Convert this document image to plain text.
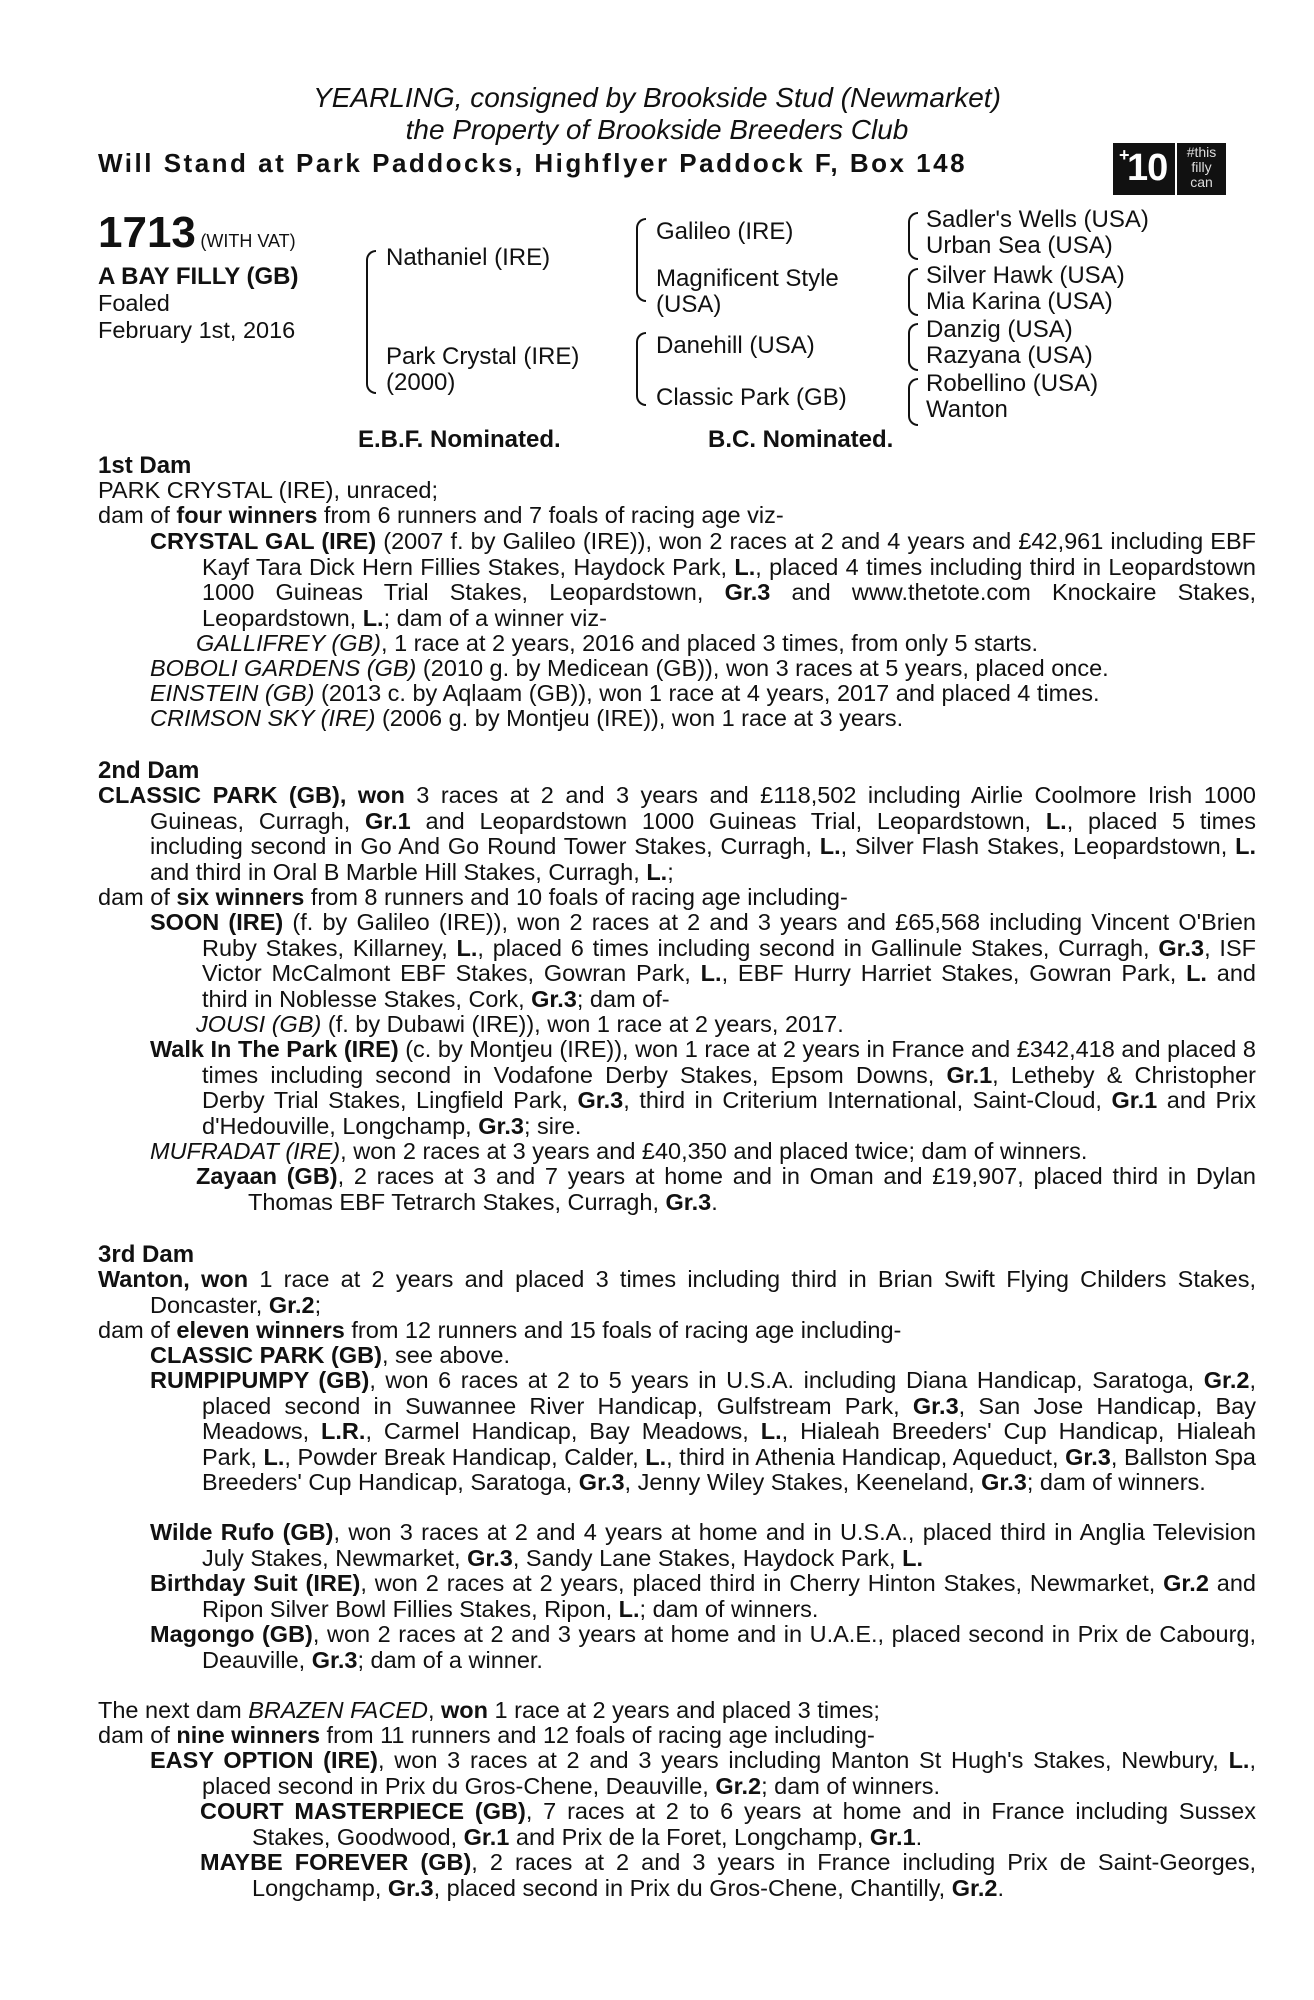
YEARLING, consigned by Brookside Stud (Newmarket)
the Property of Brookside Breeders Club
Will Stand at Park Paddocks, Highflyer Paddock F, Box 148	+
10	#this
filly
can
1713 (WITH VAT)
A BAY FILLY (GB)
Foaled
February 1st, 2016
Nathaniel (IRE)
Park Crystal (IRE)
(2000)
Galileo (IRE)
Magnificent Style
(USA)
Danehill (USA)
Classic Park (GB)
Sadler's Wells (USA)
Urban Sea (USA)
Silver Hawk (USA)
Mia Karina (USA)
Danzig (USA)
Razyana (USA)
Robellino (USA)
Wanton
E.B.F. Nominated.	B.C. Nominated.
1st Dam
PARK CRYSTAL (IRE), unraced;
dam of four winners from 6 runners and 7 foals of racing age viz-
CRYSTAL GAL (IRE) (2007 f. by Galileo (IRE)), won 2 races at 2 and 4 years and £42,961 including EBF Kayf Tara Dick Hern Fillies Stakes, Haydock Park, L., placed 4 times including third in Leopardstown 1000 Guineas Trial Stakes, Leopardstown, Gr.3 and www.thetote.com Knockaire Stakes, Leopardstown, L.; dam of a winner viz-
GALLIFREY (GB), 1 race at 2 years, 2016 and placed 3 times, from only 5 starts.
BOBOLI GARDENS (GB) (2010 g. by Medicean (GB)), won 3 races at 5 years, placed once.
EINSTEIN (GB) (2013 c. by Aqlaam (GB)), won 1 race at 4 years, 2017 and placed 4 times.
CRIMSON SKY (IRE) (2006 g. by Montjeu (IRE)), won 1 race at 3 years.
2nd Dam
CLASSIC PARK (GB), won 3 races at 2 and 3 years and £118,502 including Airlie Coolmore Irish 1000 Guineas, Curragh, Gr.1 and Leopardstown 1000 Guineas Trial, Leopardstown, L., placed 5 times including second in Go And Go Round Tower Stakes, Curragh, L., Silver Flash Stakes, Leopardstown, L. and third in Oral B Marble Hill Stakes, Curragh, L.;
dam of six winners from 8 runners and 10 foals of racing age including-
SOON (IRE) (f. by Galileo (IRE)), won 2 races at 2 and 3 years and £65,568 including Vincent O'Brien Ruby Stakes, Killarney, L., placed 6 times including second in Gallinule Stakes, Curragh, Gr.3, ISF Victor McCalmont EBF Stakes, Gowran Park, L., EBF Hurry Harriet Stakes, Gowran Park, L. and third in Noblesse Stakes, Cork, Gr.3; dam of-
JOUSI (GB) (f. by Dubawi (IRE)), won 1 race at 2 years, 2017.
Walk In The Park (IRE) (c. by Montjeu (IRE)), won 1 race at 2 years in France and £342,418 and placed 8 times including second in Vodafone Derby Stakes, Epsom Downs, Gr.1, Letheby & Christopher Derby Trial Stakes, Lingfield Park, Gr.3, third in Criterium International, Saint-Cloud, Gr.1 and Prix d'Hedouville, Longchamp, Gr.3; sire.
MUFRADAT (IRE), won 2 races at 3 years and £40,350 and placed twice; dam of winners.
Zayaan (GB), 2 races at 3 and 7 years at home and in Oman and £19,907, placed third in Dylan Thomas EBF Tetrarch Stakes, Curragh, Gr.3.
3rd Dam
Wanton, won 1 race at 2 years and placed 3 times including third in Brian Swift Flying Childers Stakes, Doncaster, Gr.2;
dam of eleven winners from 12 runners and 15 foals of racing age including-
CLASSIC PARK (GB), see above.
RUMPIPUMPY (GB), won 6 races at 2 to 5 years in U.S.A. including Diana Handicap, Saratoga, Gr.2, placed second in Suwannee River Handicap, Gulfstream Park, Gr.3, San Jose Handicap, Bay Meadows, L.R., Carmel Handicap, Bay Meadows, L., Hialeah Breeders' Cup Handicap, Hialeah Park, L., Powder Break Handicap, Calder, L., third in Athenia Handicap, Aqueduct, Gr.3, Ballston Spa Breeders' Cup Handicap, Saratoga, Gr.3, Jenny Wiley Stakes, Keeneland, Gr.3; dam of winners.
Wilde Rufo (GB), won 3 races at 2 and 4 years at home and in U.S.A., placed third in Anglia Television July Stakes, Newmarket, Gr.3, Sandy Lane Stakes, Haydock Park, L.
Birthday Suit (IRE), won 2 races at 2 years, placed third in Cherry Hinton Stakes, Newmarket, Gr.2 and Ripon Silver Bowl Fillies Stakes, Ripon, L.; dam of winners.
Magongo (GB), won 2 races at 2 and 3 years at home and in U.A.E., placed second in Prix de Cabourg, Deauville, Gr.3; dam of a winner.
The next dam BRAZEN FACED, won 1 race at 2 years and placed 3 times;
dam of nine winners from 11 runners and 12 foals of racing age including-
EASY OPTION (IRE), won 3 races at 2 and 3 years including Manton St Hugh's Stakes, Newbury, L., placed second in Prix du Gros-Chene, Deauville, Gr.2; dam of winners.
COURT MASTERPIECE (GB), 7 races at 2 to 6 years at home and in France including Sussex Stakes, Goodwood, Gr.1 and Prix de la Foret, Longchamp, Gr.1.
MAYBE FOREVER (GB), 2 races at 2 and 3 years in France including Prix de Saint-Georges, Longchamp, Gr.3, placed second in Prix du Gros-Chene, Chantilly, Gr.2.
